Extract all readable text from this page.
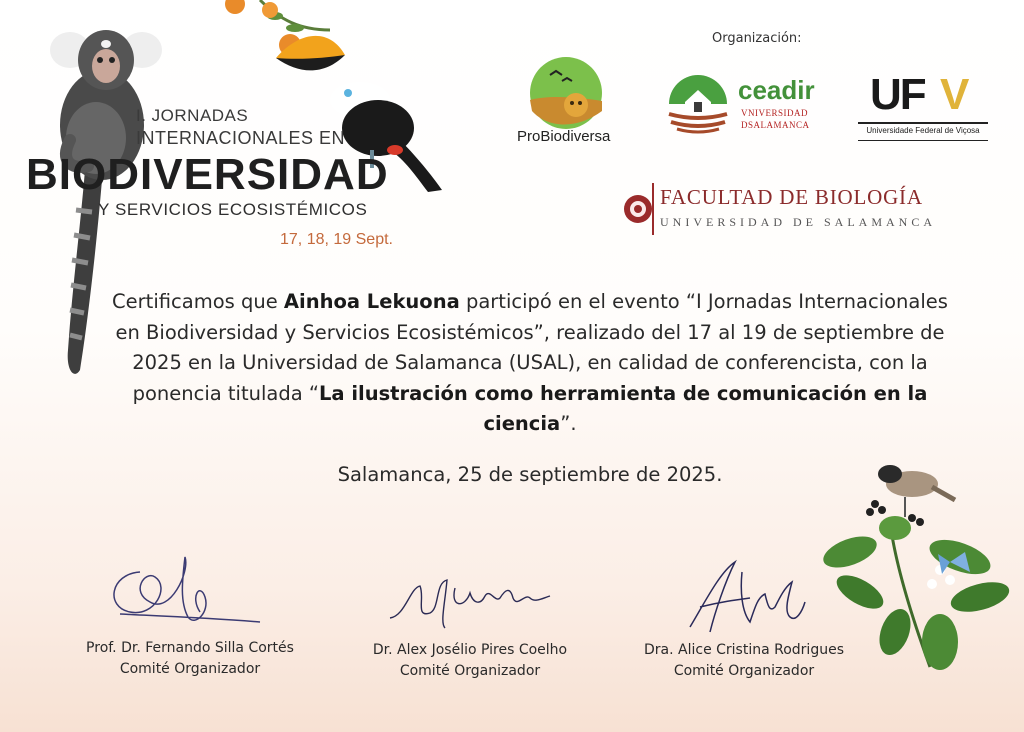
I. JORNADAS
INTERNACIONALES EN
BIODIVERSIDAD
Y SERVICIOS ECOSISTÉMICOS
17, 18, 19 Sept.
Organización:
ProBiodiversa
ceadir
VNIVERSIDAD
DSALAMANCA
UF V
Universidade Federal de Viçosa
FACULTAD DE BIOLOGÍA
UNIVERSIDAD DE SALAMANCA
Certificamos que Ainhoa Lekuona participó en el evento “I Jornadas Internacionales en Biodiversidad y Servicios Ecosistémicos”, realizado del 17 al 19 de septiembre de 2025 en la Universidad de Salamanca (USAL), en calidad de conferencista, con la ponencia titulada “La ilustración como herramienta de comunicación en la ciencia”.
Salamanca, 25 de septiembre de 2025.
Prof. Dr. Fernando Silla Cortés
Comité Organizador
Dr. Alex Josélio Pires Coelho
Comité Organizador
Dra. Alice Cristina Rodrigues
Comité Organizador
